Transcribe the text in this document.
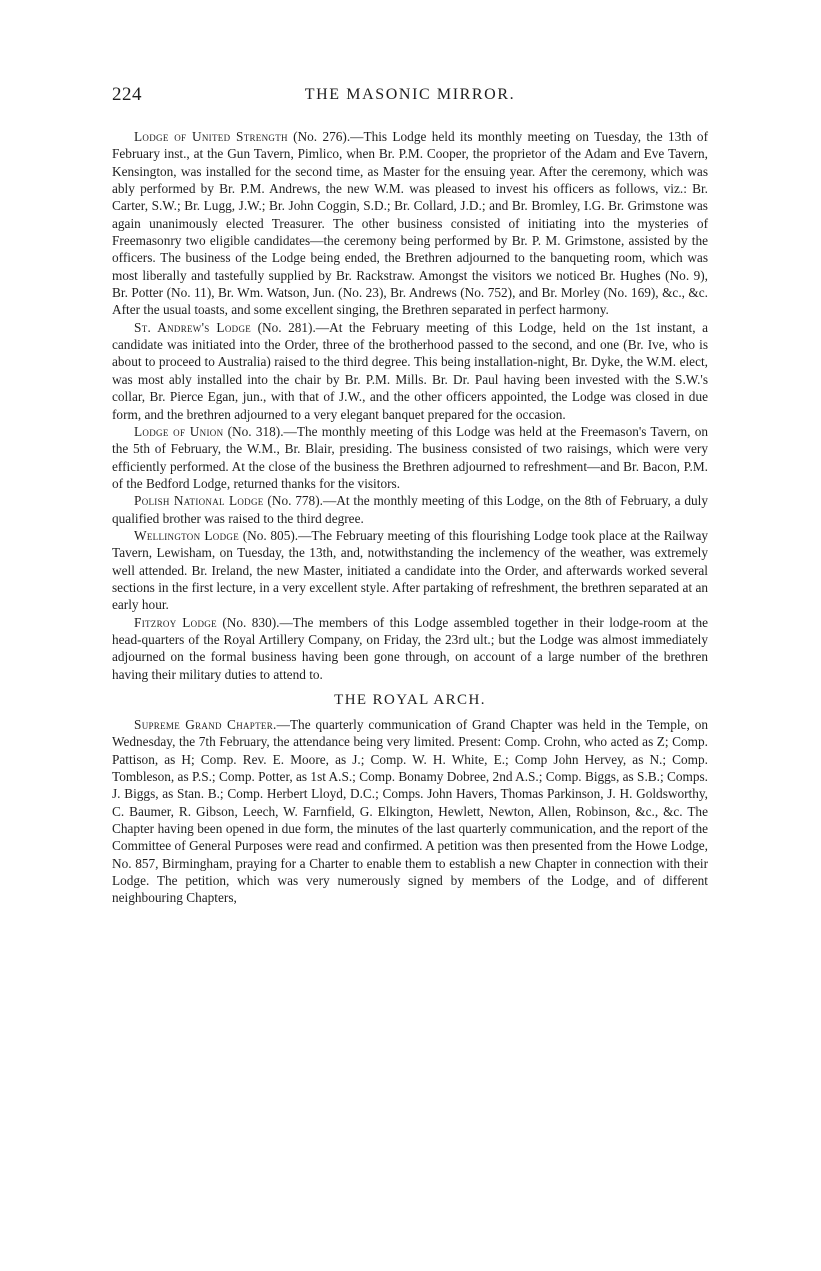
224	THE MASONIC MIRROR.

Lodge of United Strength (No. 276).—This Lodge held its monthly meeting on Tuesday, the 13th of February inst., at the Gun Tavern, Pimlico, when Br. P.M. Cooper, the proprietor of the Adam and Eve Tavern, Kensington, was installed for the second time, as Master for the ensuing year. After the ceremony, which was ably performed by Br. P.M. Andrews, the new W.M. was pleased to invest his officers as follows, viz.: Br. Carter, S.W.; Br. Lugg, J.W.; Br. John Coggin, S.D.; Br. Collard, J.D.; and Br. Bromley, I.G. Br. Grimstone was again unanimously elected Treasurer. The other business consisted of initiating into the mysteries of Freemasonry two eligible candidates—the ceremony being performed by Br. P. M. Grimstone, assisted by the officers. The business of the Lodge being ended, the Brethren adjourned to the banqueting room, which was most liberally and tastefully supplied by Br. Rackstraw. Amongst the visitors we noticed Br. Hughes (No. 9), Br. Potter (No. 11), Br. Wm. Watson, Jun. (No. 23), Br. Andrews (No. 752), and Br. Morley (No. 169), &c., &c. After the usual toasts, and some excellent singing, the Brethren separated in perfect harmony.

St. Andrew's Lodge (No. 281).—At the February meeting of this Lodge, held on the 1st instant, a candidate was initiated into the Order, three of the brotherhood passed to the second, and one (Br. Ive, who is about to proceed to Australia) raised to the third degree. This being installation-night, Br. Dyke, the W.M. elect, was most ably installed into the chair by Br. P.M. Mills. Br. Dr. Paul having been invested with the S.W.'s collar, Br. Pierce Egan, jun., with that of J.W., and the other officers appointed, the Lodge was closed in due form, and the brethren adjourned to a very elegant banquet prepared for the occasion.

Lodge of Union (No. 318).—The monthly meeting of this Lodge was held at the Freemason's Tavern, on the 5th of February, the W.M., Br. Blair, presiding. The business consisted of two raisings, which were very efficiently performed. At the close of the business the Brethren adjourned to refreshment—and Br. Bacon, P.M. of the Bedford Lodge, returned thanks for the visitors.

Polish National Lodge (No. 778).—At the monthly meeting of this Lodge, on the 8th of February, a duly qualified brother was raised to the third degree.

Wellington Lodge (No. 805).—The February meeting of this flourishing Lodge took place at the Railway Tavern, Lewisham, on Tuesday, the 13th, and, notwithstanding the inclemency of the weather, was extremely well attended. Br. Ireland, the new Master, initiated a candidate into the Order, and afterwards worked several sections in the first lecture, in a very excellent style. After partaking of refreshment, the brethren separated at an early hour.

Fitzroy Lodge (No. 830).—The members of this Lodge assembled together in their lodge-room at the head-quarters of the Royal Artillery Company, on Friday, the 23rd ult.; but the Lodge was almost immediately adjourned on the formal business having been gone through, on account of a large number of the brethren having their military duties to attend to.

THE ROYAL ARCH.

Supreme Grand Chapter.—The quarterly communication of Grand Chapter was held in the Temple, on Wednesday, the 7th February, the attendance being very limited. Present: Comp. Crohn, who acted as Z; Comp. Pattison, as H; Comp. Rev. E. Moore, as J.; Comp. W. H. White, E.; Comp John Hervey, as N.; Comp. Tombleson, as P.S.; Comp. Potter, as 1st A.S.; Comp. Bonamy Dobree, 2nd A.S.; Comp. Biggs, as S.B.; Comps. J. Biggs, as Stan. B.; Comp. Herbert Lloyd, D.C.; Comps. John Havers, Thomas Parkinson, J. H. Goldsworthy, C. Baumer, R. Gibson, Leech, W. Farnfield, G. Elkington, Hewlett, Newton, Allen, Robinson, &c., &c. The Chapter having been opened in due form, the minutes of the last quarterly communication, and the report of the Committee of General Purposes were read and confirmed. A petition was then presented from the Howe Lodge, No. 857, Birmingham, praying for a Charter to enable them to establish a new Chapter in connection with their Lodge. The petition, which was very numerously signed by members of the Lodge, and of different neighbouring Chapters,
